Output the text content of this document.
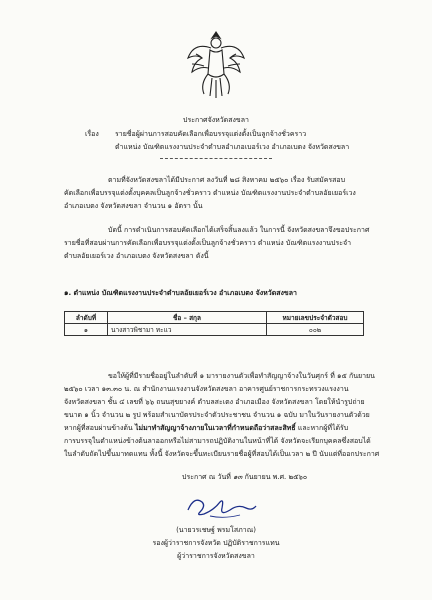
ประกาศจังหวัดสงขลา
เรื่อง รายชื่อผู้ผ่านการสอบคัดเลือกเพื่อบรรจุแต่งตั้งเป็นลูกจ้างชั่วคราว
ตำแหน่ง บัณฑิตแรงงานประจำตำบลอำเภอเบอร์เวง อำเภอเบตง จังหวัดสงขลา
ตามที่จังหวัดสงขลาได้มีประกาศ ลงวันที่ ๒๘ สิงหาคม ๒๕๖๐ เรื่อง รับสมัครสอบ
คัดเลือกเพื่อบรรจุแต่งตั้งบุคคลเป็นลูกจ้างชั่วคราว ตำแหน่ง บัณฑิตแรงงานประจำตำบลอัยเยอร์เวง
อำเภอเบตง จังหวัดสงขลา จำนวน ๑ อัตรา นั้น
บัดนี้ การดำเนินการสอบคัดเลือกได้เสร็จสิ้นลงแล้ว ในการนี้ จังหวัดสงขลาจึงขอประกาศ
รายชื่อที่สอบผ่านการคัดเลือกเพื่อบรรจุแต่งตั้งเป็นลูกจ้างชั่วคราว ตำแหน่ง บัณฑิตแรงงานประจำ
ตำบลอัยเยอร์เวง อำเภอเบตง จังหวัดสงขลา ดังนี้
๑. ตำแหน่ง บัณฑิตแรงงานประจำตำบลอัยเยอร์เวง อำเภอเบตง จังหวัดสงขลา
ลำดับที่	ชื่อ – สกุล	หมายเลขประจำตัวสอบ
๑	นางสาวพิชามา ทะแว	๐๐๒
ขอให้ผู้ที่มีรายชื่ออยู่ในลำดับที่ ๑ มารายงานตัวเพื่อทำสัญญาจ้างในวันศุกร์ ที่ ๑๕ กันยายน
๒๕๖๐ เวลา ๑๓.๓๐ น. ณ สำนักงานแรงงานจังหวัดสงขลา อาคารศูนย์ราชการกระทรวงแรงงาน
จังหวัดสงขลา ชั้น ๔ เลขที่ ๖๖ ถนนสุขยางค์ ตำบลสะเตง อำเภอเมือง จังหวัดสงขลา โดยให้นำรูปถ่าย
ขนาด ๑ นิ้ว จำนวน ๒ รูป พร้อมสำเนาบัตรประจำตัวประชาชน จำนวน ๑ ฉบับ มาในวันรายงานตัวด้วย
หากผู้ที่สอบผ่านข้างต้น ไม่มาทำสัญญาจ้างภายในเวลาที่กำหนดถือว่าสละสิทธิ์ และหากผู้ที่ได้รับ
การบรรจุในตำแหน่งข้างต้นลาออกหรือไม่สามารถปฏิบัติงานในหน้าที่ได้ จังหวัดจะเรียกบุคคลซึ่งสอบได้
ในลำดับถัดไปขึ้นมาทดแทน ทั้งนี้ จังหวัดจะขึ้นทะเบียนรายชื่อผู้ที่สอบได้เป็นเวลา ๒ ปี นับแต่ที่ออกประกาศ
ประกาศ ณ วันที่ ๑๓ กันยายน พ.ศ. ๒๕๖๐
(นายวรเชษฐ์ พรมโสภาณ)
รองผู้ว่าราชการจังหวัด ปฏิบัติราชการแทน
ผู้ว่าราชการจังหวัดสงขลา
